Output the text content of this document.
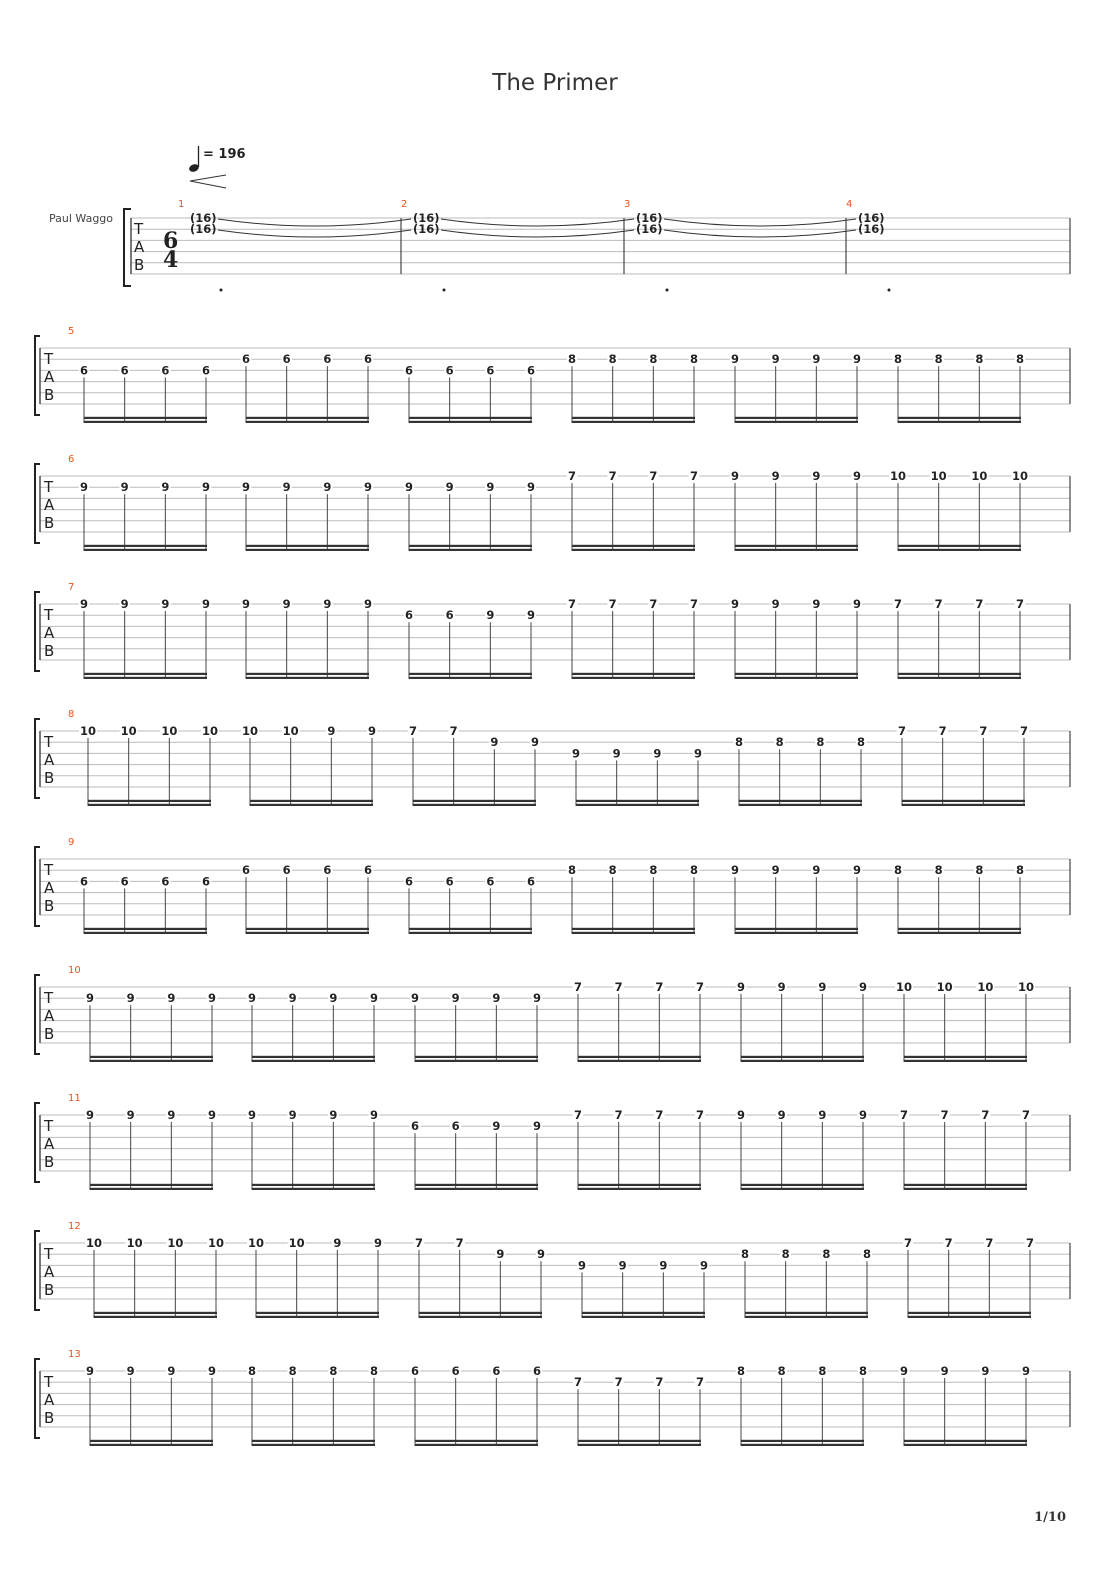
The Primer
= 196
Paul Waggo
T
A
B
6
4
1
(16)
(16)
2
(16)
(16)
3
(16)
(16)
4
(16)
(16)
T
A
B
5
6	6	6	6
6	6	6	6
6	6	6	6
8	8	8	8	9	9	9	9	8	8	8	8
T
A
B
6
9	9	9	9	9	9	9	9	9	9	9	9
7	7	7	7	9	9	9	9	10 10 10 10
T
A
B
7
9	9	9	9	9	9	9	9
6	6	9	9
7	7	7	7	9	9	9	9	7	7	7	7
T
A
B
8
10 10 10 10 10 10 9	9	7	7
9	9
9	9	9	9
8	8	8	8
7	7	7	7
T
A
B
9
6	6	6	6
6	6	6	6
6	6	6	6
8	8	8	8	9	9	9	9	8	8	8	8
T
A
B
10
9	9	9	9	9	9	9	9	9	9	9	9
7	7	7	7	9	9	9	9	10 10 10 10
T
A
B
11
9	9	9	9	9	9	9	9
6	6	9	9
7	7	7	7	9	9	9	9	7	7	7	7
T
A
B
12
10 10 10 10 10 10 9	9	7	7
9	9
9	9	9	9
8	8	8	8
7	7	7	7
T
A
B
13
9	9	9	9	8	8	8	8	6	6	6	6
7	7	7	7
8	8	8	8	9	9	9	9
1/10
